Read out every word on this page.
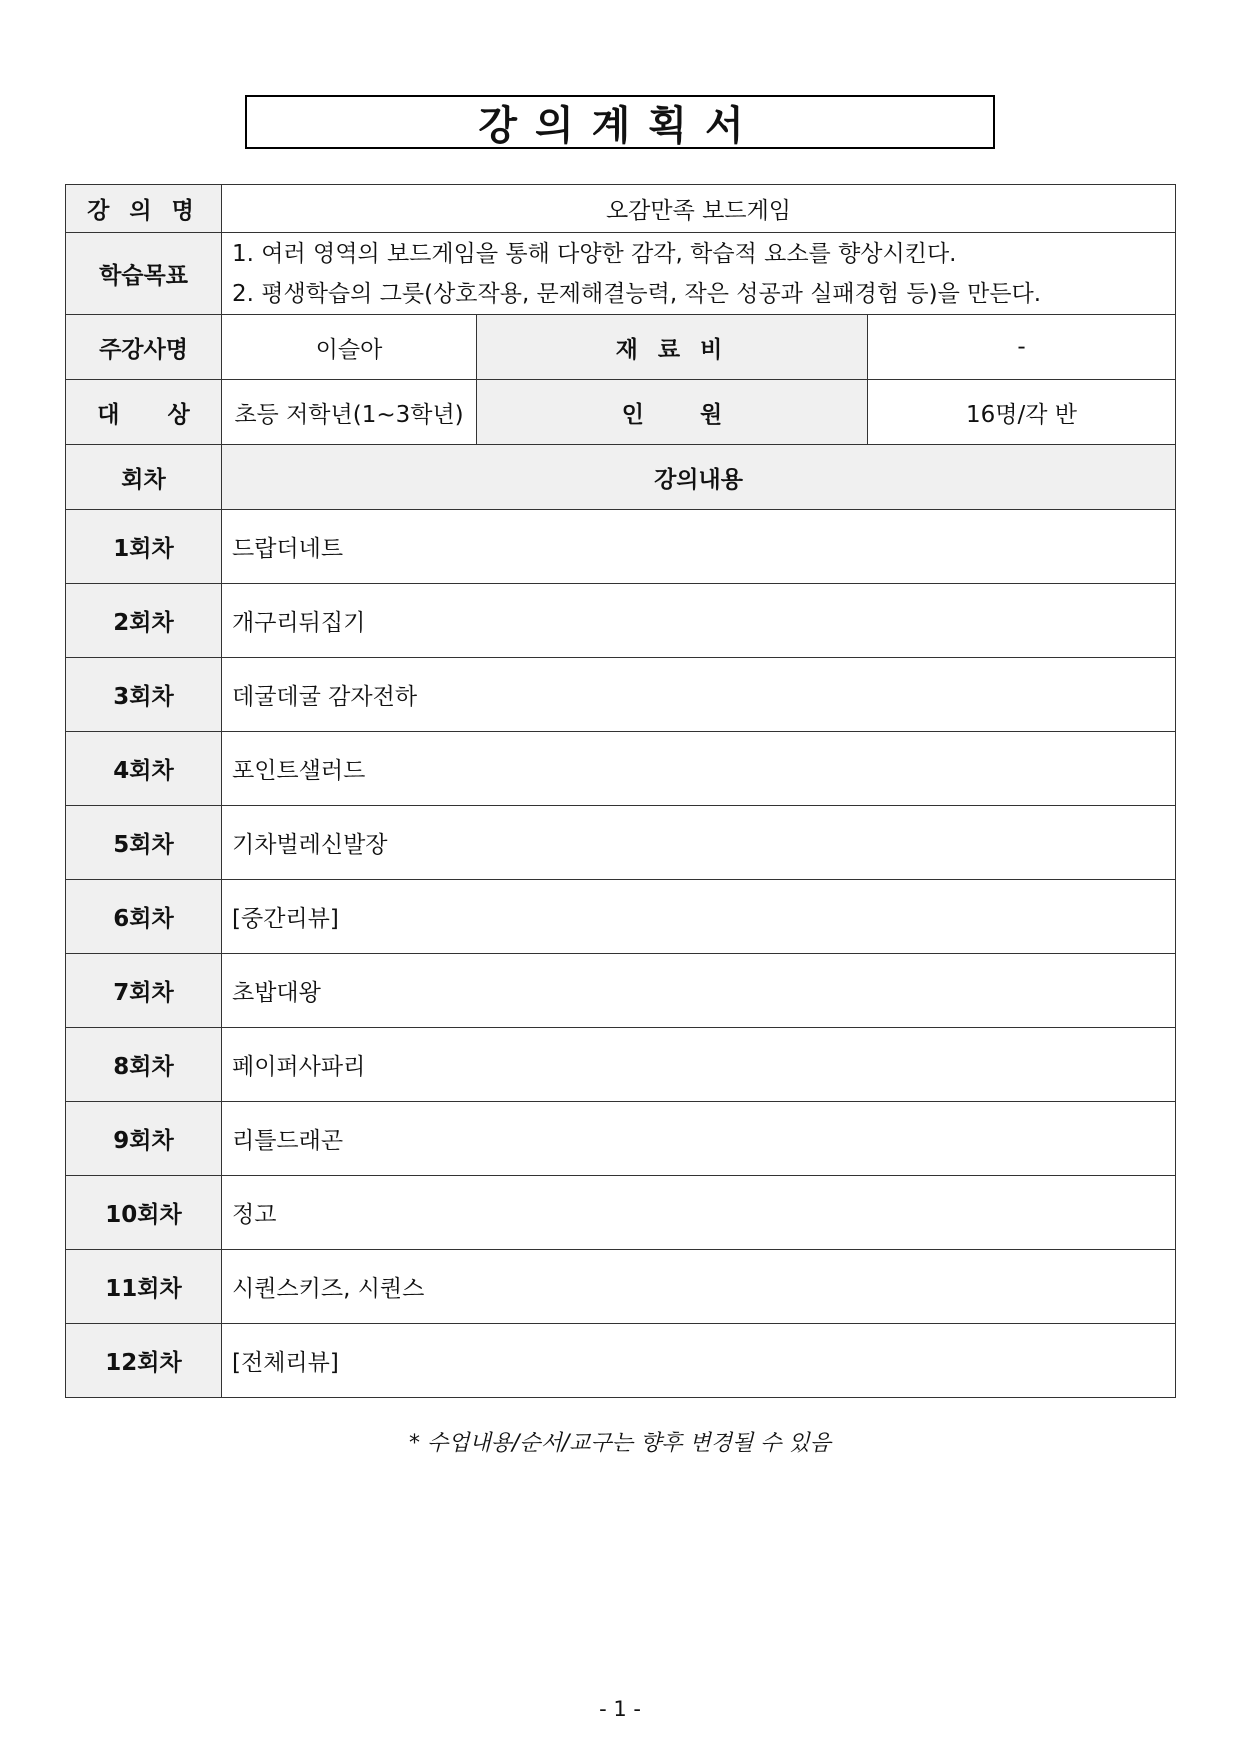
강의계획서
강 의 명	오감만족 보드게임		
학습목표	1. 여러 영역의 보드게임을 통해 다양한 감각, 학습적 요소를 향상시킨다.
2. 평생학습의 그릇(상호작용, 문제해결능력, 작은 성공과 실패경험 등)을 만든다.		

주강사명	이슬아	재 료 비	-
대      상	초등 저학년(1~3학년)	인       원	16명/각 반
회차	강의내용		
1회차	드랍더네트		
2회차	개구리뒤집기		
3회차	데굴데굴 감자전하		
4회차	포인트샐러드		
5회차	기차벌레신발장		
6회차	[중간리뷰]		
7회차	초밥대왕		
8회차	페이퍼사파리		
9회차	리틀드래곤		
10회차	정고		
11회차	시퀀스키즈, 시퀀스		
12회차	[전체리뷰]		
* 수업내용/순서/교구는 향후 변경될 수 있음
- 1 -
